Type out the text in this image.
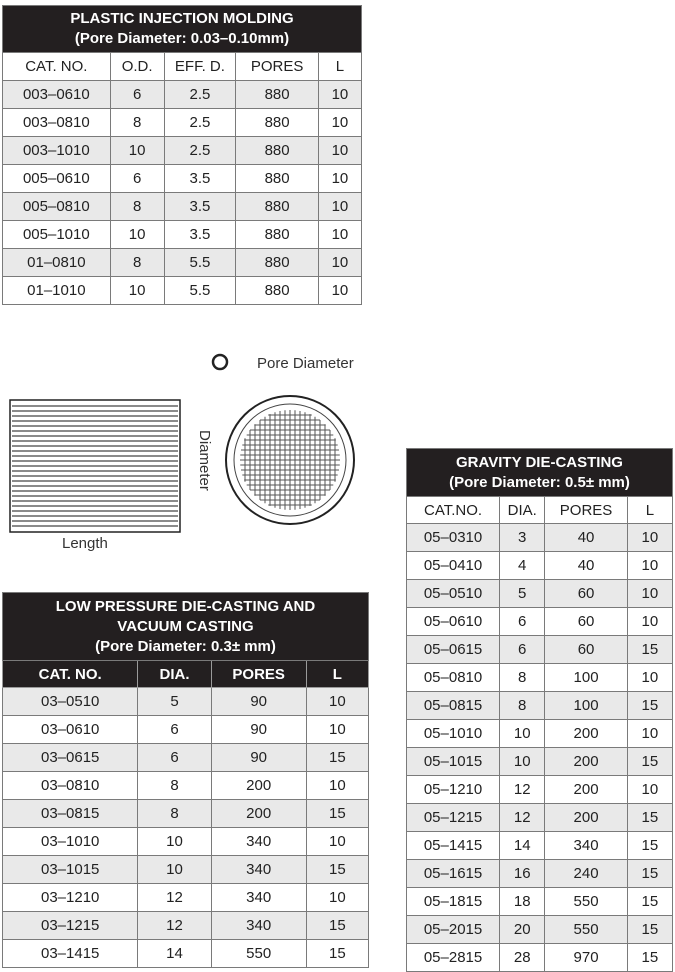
PLASTIC INJECTION MOLDING
(Pore Diameter: 0.03–0.10mm)				

CAT. NO.	O.D.	EFF. D.	PORES	L
003–0610	6	2.5	880	10
003–0810	8	2.5	880	10
003–1010	10	2.5	880	10
005–0610	6	3.5	880	10
005–0810	8	3.5	880	10
005–1010	10	3.5	880	10
01–0810	8	5.5	880	10
01–1010	10	5.5	880	10
Pore Diameter
Length
Diameter
LOW PRESSURE DIE-CASTING AND
VACUUM CASTING
(Pore Diameter: 0.3± mm)			

CAT. NO.	DIA.	PORES	L
03–0510	5	90	10
03–0610	6	90	10
03–0615	6	90	15
03–0810	8	200	10
03–0815	8	200	15
03–1010	10	340	10
03–1015	10	340	15
03–1210	12	340	10
03–1215	12	340	15
03–1415	14	550	15
GRAVITY DIE-CASTING
(Pore Diameter: 0.5± mm)			

CAT.NO.	DIA.	PORES	L
05–0310	3	40	10
05–0410	4	40	10
05–0510	5	60	10
05–0610	6	60	10
05–0615	6	60	15
05–0810	8	100	10
05–0815	8	100	15
05–1010	10	200	10
05–1015	10	200	15
05–1210	12	200	10
05–1215	12	200	15
05–1415	14	340	15
05–1615	16	240	15
05–1815	18	550	15
05–2015	20	550	15
05–2815	28	970	15
